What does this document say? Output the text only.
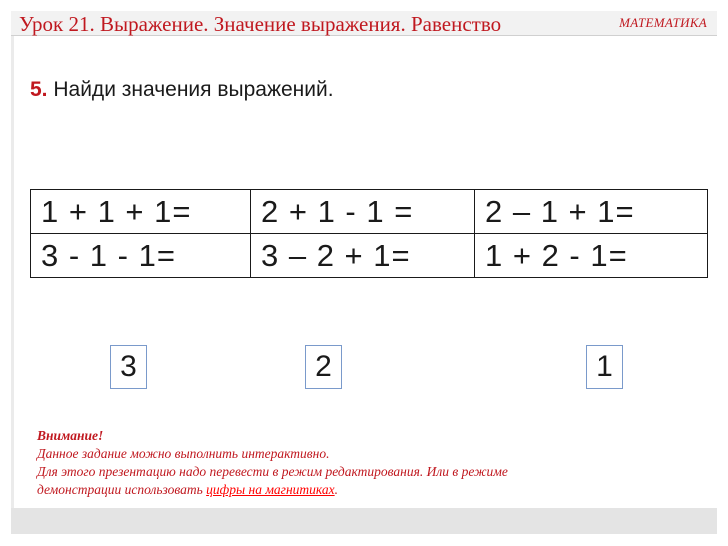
Урок 21. Выражение. Значение выражения. Равенство	МАТЕМАТИКА
5. Найди значения выражений.
1 + 1 + 1=	2 + 1 - 1 =	2 – 1 + 1=
3 - 1 - 1=	3 – 2 + 1=	1 + 2 - 1=
3	2	1

Внимание!

Данное задание можно выполнить интерактивно.

Для этого презентацию надо перевести в режим редактирования. Или в режиме

демонстрации использовать цифры на магнитиках.
